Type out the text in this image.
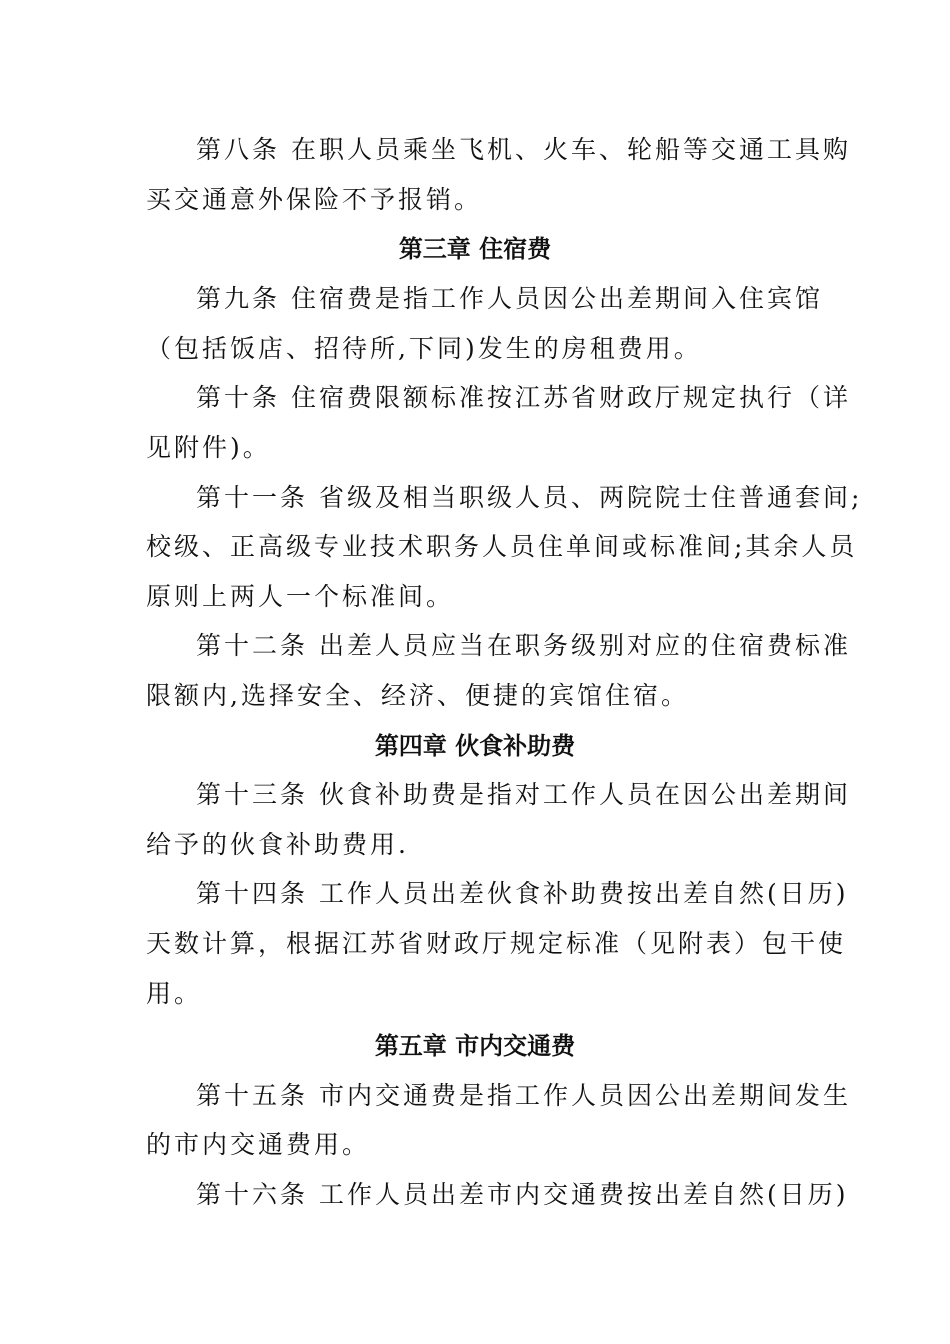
第八条 在职人员乘坐飞机、火车、轮船等交通工具购
买交通意外保险不予报销。
第三章 住宿费
第九条 住宿费是指工作人员因公出差期间入住宾馆
（包括饭店、招待所,下同)发生的房租费用。
第十条 住宿费限额标准按江苏省财政厅规定执行（详
见附件)。
第十一条 省级及相当职级人员、两院院士住普通套间;
校级、正高级专业技术职务人员住单间或标准间;其余人员
原则上两人一个标准间。
第十二条 出差人员应当在职务级别对应的住宿费标准
限额内,选择安全、经济、便捷的宾馆住宿。
第四章 伙食补助费
第十三条 伙食补助费是指对工作人员在因公出差期间
给予的伙食补助费用.
第十四条 工作人员出差伙食补助费按出差自然(日历)
天数计算，根据江苏省财政厅规定标准（见附表）包干使
用。
第五章 市内交通费
第十五条 市内交通费是指工作人员因公出差期间发生
的市内交通费用。
第十六条 工作人员出差市内交通费按出差自然(日历)
